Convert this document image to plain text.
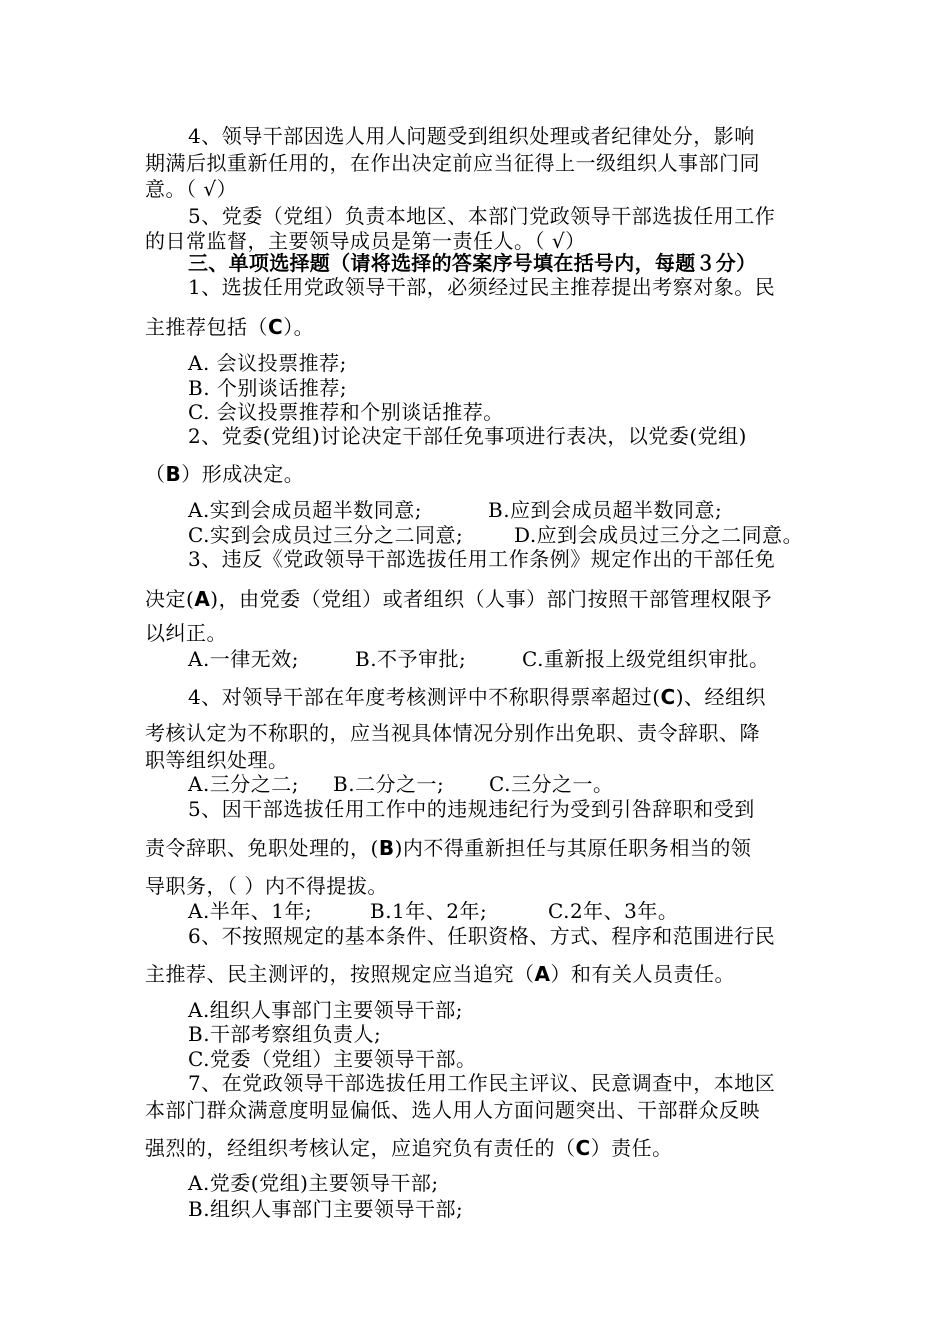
4、领导干部因选人用人问题受到组织处理或者纪律处分，影响
期满后拟重新任用的，在作出决定前应当征得上一级组织人事部门同
意。（ √）
5、党委（党组）负责本地区、本部门党政领导干部选拔任用工作
的日常监督，主要领导成员是第一责任人。（ √）
三、单项选择题（请将选择的答案序号填在括号内，每题３分）
1、选拔任用党政领导干部，必须经过民主推荐提出考察对象。民
主推荐包括（C）。
A. 会议投票推荐;
B. 个别谈话推荐;
C. 会议投票推荐和个别谈话推荐。
2、党委(党组)讨论决定干部任免事项进行表决，以党委(党组)
（B）形成决定。
A.实到会成员超半数同意;	B.应到会成员超半数同意;
C.实到会成员过三分之二同意;	D.应到会成员过三分之二同意。
3、违反《党政领导干部选拔任用工作条例》规定作出的干部任免
决定(A)，由党委（党组）或者组织（人事）部门按照干部管理权限予
以纠正。
A.一律无效;	B.不予审批;	C.重新报上级党组织审批。
4、对领导干部在年度考核测评中不称职得票率超过(C)、经组织
考核认定为不称职的，应当视具体情况分别作出免职、责令辞职、降
职等组织处理。
A.三分之二; B.二分之一; C.三分之一。
5、因干部选拔任用工作中的违规违纪行为受到引咎辞职和受到
责令辞职、免职处理的，(B)内不得重新担任与其原任职务相当的领
导职务，（ ）内不得提拔。
A.半年、1年;	B.1年、2年;	C.2年、3年。
6、不按照规定的基本条件、任职资格、方式、程序和范围进行民
主推荐、民主测评的，按照规定应当追究（A）和有关人员责任。
A.组织人事部门主要领导干部;
B.干部考察组负责人;
C.党委（党组）主要领导干部。
7、在党政领导干部选拔任用工作民主评议、民意调查中，本地区
本部门群众满意度明显偏低、选人用人方面问题突出、干部群众反映
强烈的，经组织考核认定，应追究负有责任的（C）责任。
A.党委(党组)主要领导干部;
B.组织人事部门主要领导干部;
